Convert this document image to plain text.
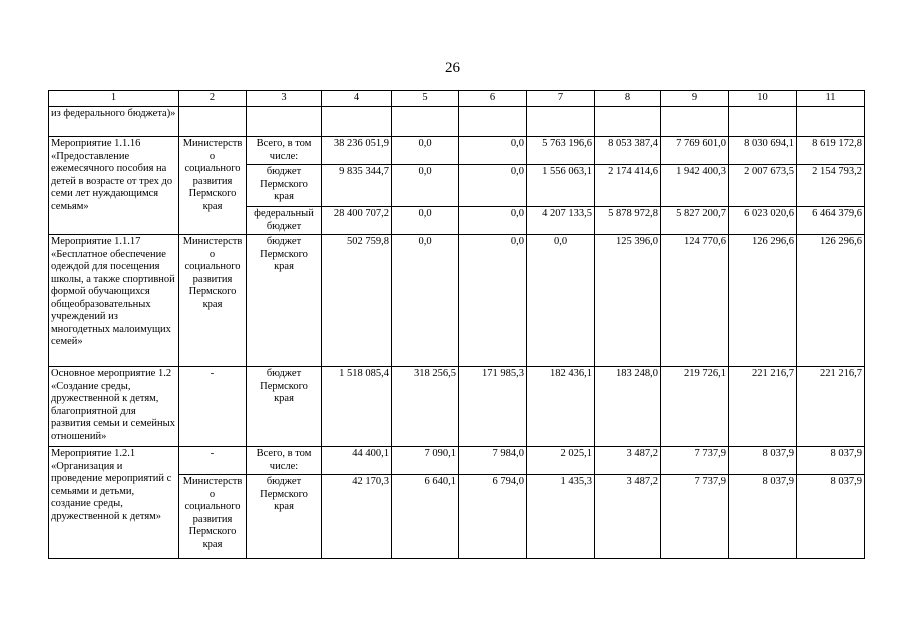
26
1	2	3	4	5	6	7	8	9	10	11
из федерального бюджета)»										
Мероприятие 1.1.16 «Предоставление ежемесячного пособия на детей в возрасте от трех до семи лет нуждающимся семьям»	Министерство социального развития Пермского края	Всего, в том числе:	38 236 051,9	0,0	0,0	5 763 196,6	8 053 387,4	7 769 601,0	8 030 694,1	8 619 172,8
		бюджет Пермского края	9 835 344,7	0,0	0,0	1 556 063,1	2 174 414,6	1 942 400,3	2 007 673,5	2 154 793,2
		федеральный бюджет	28 400 707,2	0,0	0,0	4 207 133,5	5 878 972,8	5 827 200,7	6 023 020,6	6 464 379,6
Мероприятие 1.1.17 «Бесплатное обеспечение одеждой для посещения школы, а также спортивной формой обучающихся общеобразовательных учреждений из многодетных малоимущих семей»	Министерство социального развития Пермского края	бюджет Пермского края	502 759,8	0,0	0,0	0,0	125 396,0	124 770,6	126 296,6	126 296,6
Основное мероприятие 1.2 «Создание среды, дружественной к детям, благоприятной для развития семьи и семейных отношений»	-	бюджет Пермского края	1 518 085,4	318 256,5	171 985,3	182 436,1	183 248,0	219 726,1	221 216,7	221 216,7
Мероприятие 1.2.1 «Организация и проведение мероприятий с семьями и детьми, создание среды, дружественной к детям»	-	Всего, в том числе:	44 400,1	7 090,1	7 984,0	2 025,1	3 487,2	7 737,9	8 037,9	8 037,9
	Министерство социального развития Пермского края	бюджет Пермского края	42 170,3	6 640,1	6 794,0	1 435,3	3 487,2	7 737,9	8 037,9	8 037,9
